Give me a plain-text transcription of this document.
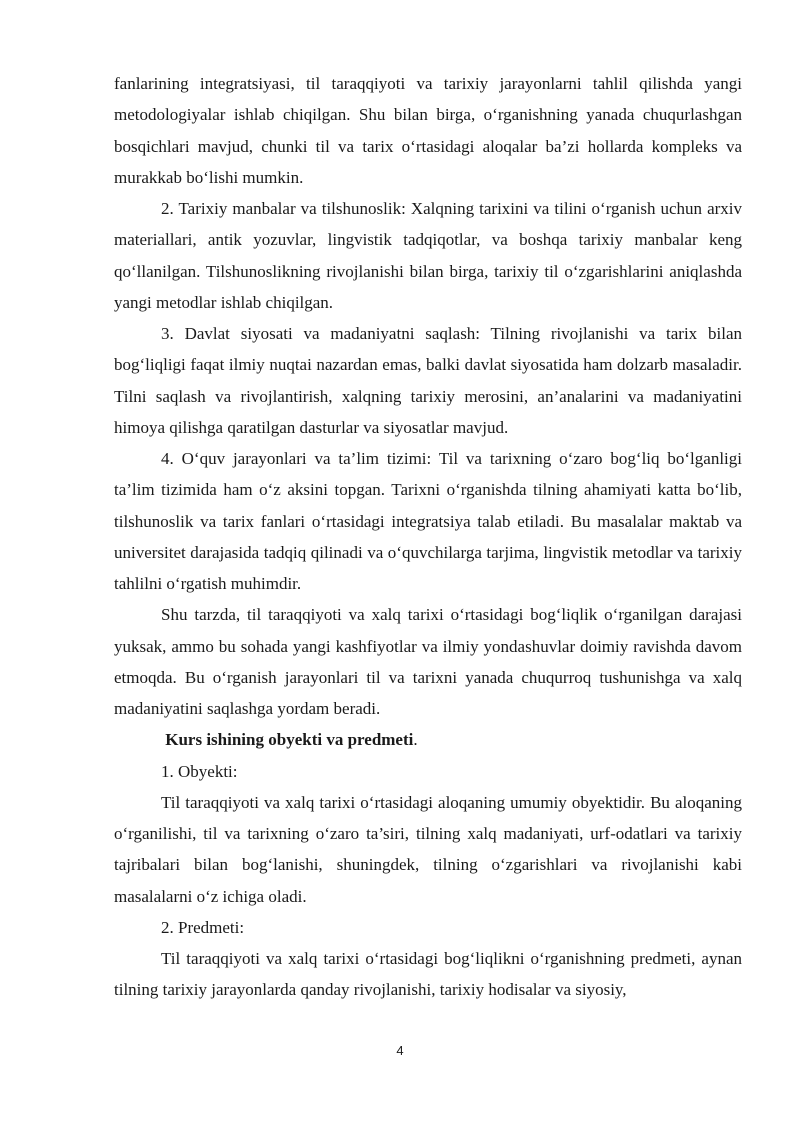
fanlarining integratsiyasi, til taraqqiyoti va tarixiy jarayonlarni tahlil qilishda yangi metodologiyalar ishlab chiqilgan. Shu bilan birga, o‘rganishning yanada chuqurlashgan bosqichlari mavjud, chunki til va tarix o‘rtasidagi aloqalar ba’zi hollarda kompleks va murakkab bo‘lishi mumkin.

2. Tarixiy manbalar va tilshunoslik: Xalqning tarixini va tilini o‘rganish uchun arxiv materiallari, antik yozuvlar, lingvistik tadqiqotlar, va boshqa tarixiy manbalar keng qo‘llanilgan. Tilshunoslikning rivojlanishi bilan birga, tarixiy til o‘zgarishlarini aniqlashda yangi metodlar ishlab chiqilgan.

3. Davlat siyosati va madaniyatni saqlash: Tilning rivojlanishi va tarix bilan bog‘liqligi faqat ilmiy nuqtai nazardan emas, balki davlat siyosatida ham dolzarb masaladir. Tilni saqlash va rivojlantirish, xalqning tarixiy merosini, an’analarini va madaniyatini himoya qilishga qaratilgan dasturlar va siyosatlar mavjud.

4. O‘quv jarayonlari va ta’lim tizimi: Til va tarixning o‘zaro bog‘liq bo‘lganligi ta’lim tizimida ham o‘z aksini topgan. Tarixni o‘rganishda tilning ahamiyati katta bo‘lib, tilshunoslik va tarix fanlari o‘rtasidagi integratsiya talab etiladi. Bu masalalar maktab va universitet darajasida tadqiq qilinadi va o‘quvchilarga tarjima, lingvistik metodlar va tarixiy tahlilni o‘rgatish muhimdir.

Shu tarzda, til taraqqiyoti va xalq tarixi o‘rtasidagi bog‘liqlik o‘rganilgan darajasi yuksak, ammo bu sohada yangi kashfiyotlar va ilmiy yondashuvlar doimiy ravishda davom etmoqda. Bu o‘rganish jarayonlari til va tarixni yanada chuqurroq tushunishga va xalq madaniyatini saqlashga yordam beradi.

Kurs ishining obyekti va predmeti.

1. Obyekti:

Til taraqqiyoti va xalq tarixi o‘rtasidagi aloqaning umumiy obyektidir. Bu aloqaning o‘rganilishi, til va tarixning o‘zaro ta’siri, tilning xalq madaniyati, urf-odatlari va tarixiy tajribalari bilan bog‘lanishi, shuningdek, tilning o‘zgarishlari va rivojlanishi kabi masalalarni o‘z ichiga oladi.

2. Predmeti:

Til taraqqiyoti va xalq tarixi o‘rtasidagi bog‘liqlikni o‘rganishning predmeti, aynan tilning tarixiy jarayonlarda qanday rivojlanishi, tarixiy hodisalar va siyosiy,

4
